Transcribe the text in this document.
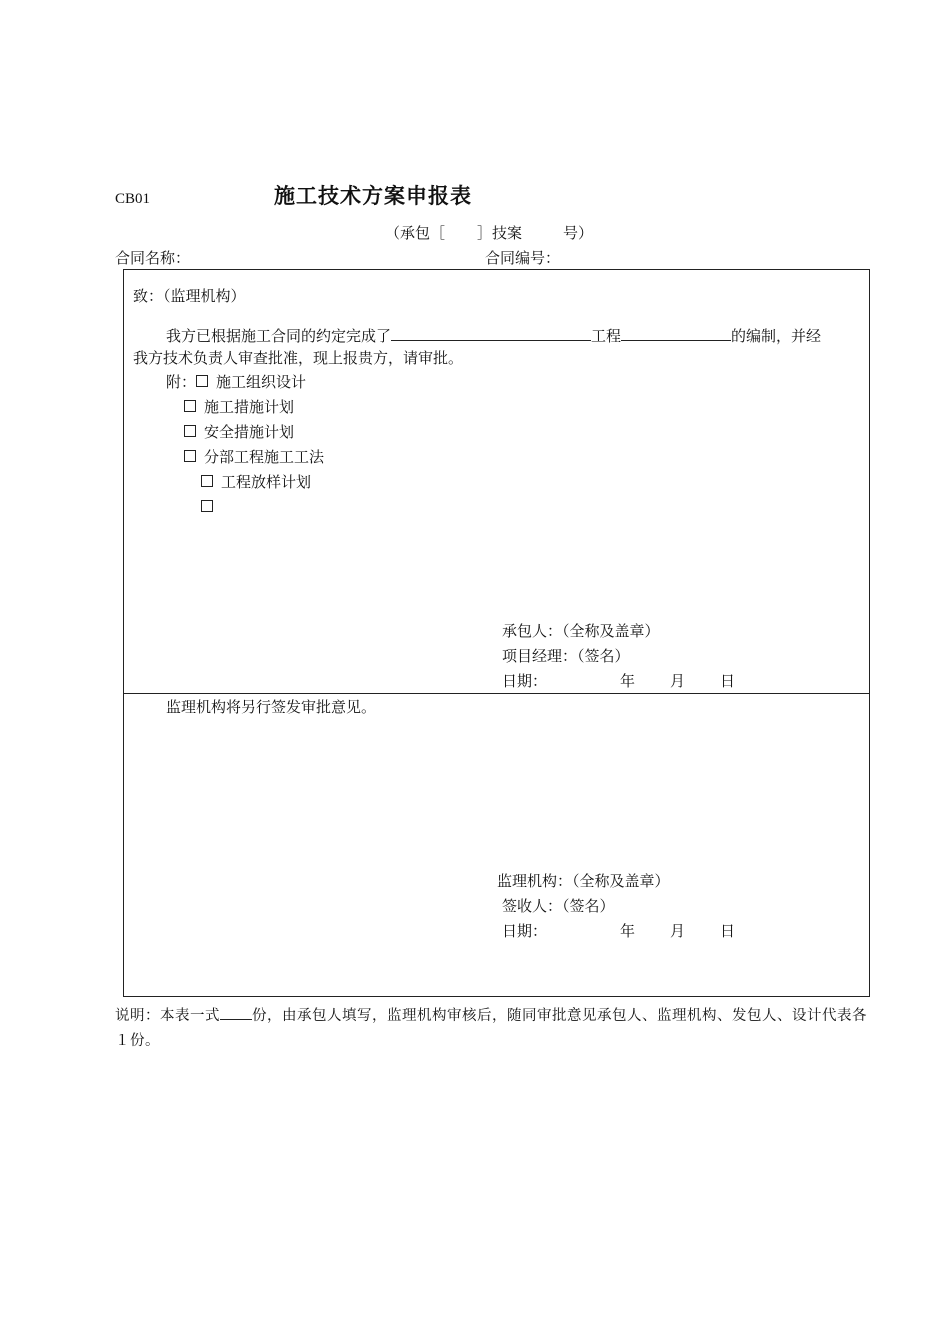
CB01	施工技术方案申报表
（承包［ ］技案	号）
合同名称：	合同编号：
致：（监理机构）
我方已根据施工合同的约定完成了	工程	的编制，并经
我方技术负责人审查批准，现上报贵方，请审批。
附： 施工组织设计
施工措施计划
安全措施计划
分部工程施工工法
工程放样计划
承包人：（全称及盖章）
项目经理：（签名）
日期：	年 月 日
监理机构将另行签发审批意见。
监理机构：（全称及盖章）
签收人：（签名）
日期：	年 月 日
说明：本表一式 份，由承包人填写，监理机构审核后，随同审批意见承包人、监理机构、发包人、设计代表各１份。
